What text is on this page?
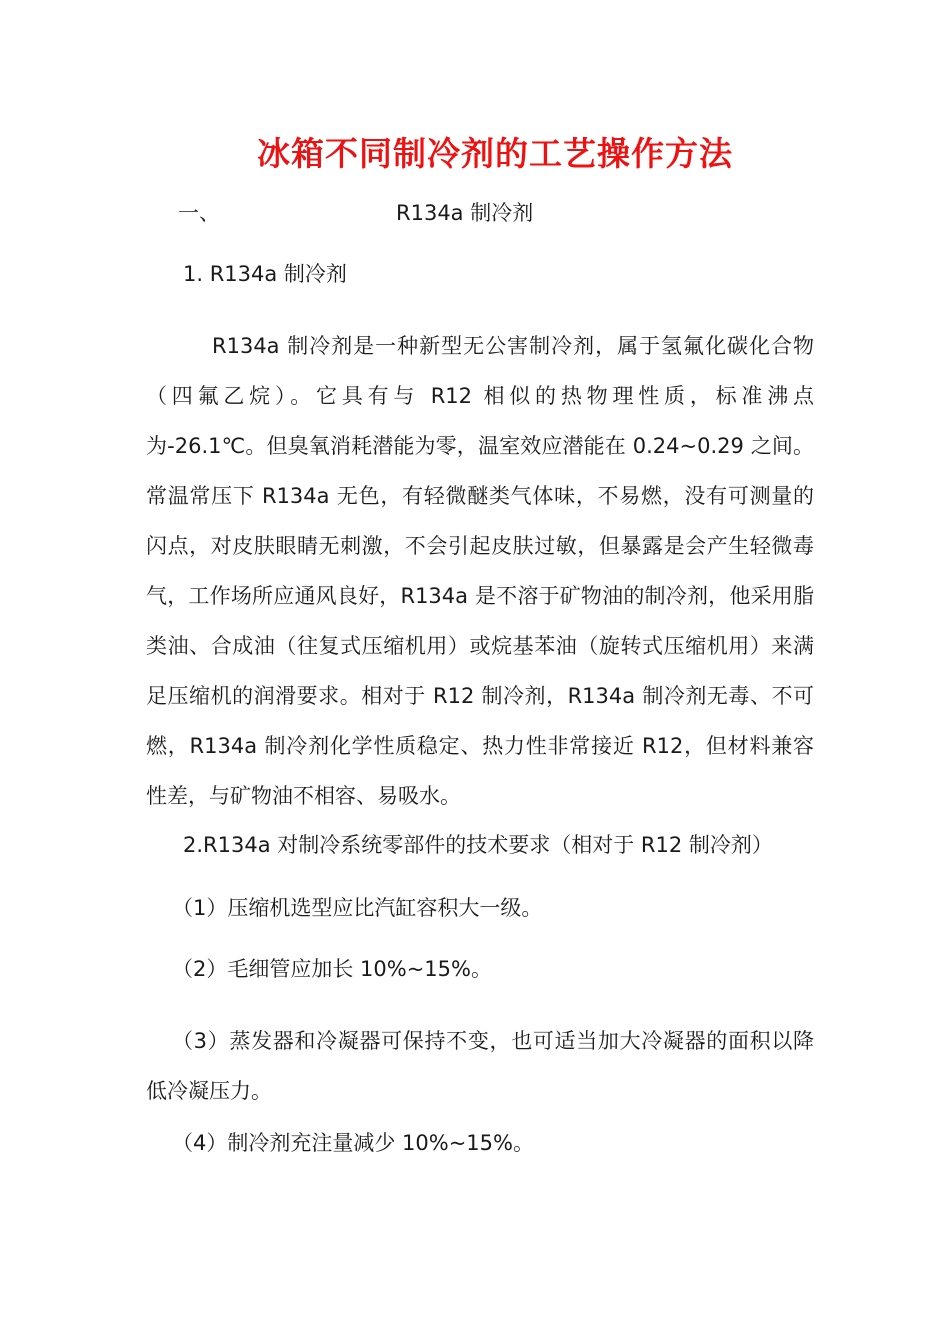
冰箱不同制冷剂的工艺操作方法
一、	R134a 制冷剂
1. R134a 制冷剂
R134a 制冷剂是一种新型无公害制冷剂，属于氢氟化碳化合物（四氟乙烷）。它具有与 R12 相似的热物理性质，标准沸点为-26.1℃。但臭氧消耗潜能为零，温室效应潜能在 0.24~0.29 之间。常温常压下 R134a 无色，有轻微醚类气体味，不易燃，没有可测量的闪点，对皮肤眼睛无刺激，不会引起皮肤过敏，但暴露是会产生轻微毒气，工作场所应通风良好，R134a 是不溶于矿物油的制冷剂，他采用脂类油、合成油（往复式压缩机用）或烷基苯油（旋转式压缩机用）来满足压缩机的润滑要求。相对于 R12 制冷剂，R134a 制冷剂无毒、不可燃，R134a 制冷剂化学性质稳定、热力性非常接近 R12，但材料兼容性差，与矿物油不相容、易吸水。
2.R134a 对制冷系统零部件的技术要求（相对于 R12 制冷剂）
（1）压缩机选型应比汽缸容积大一级。
（2）毛细管应加长 10%~15%。
（3）蒸发器和冷凝器可保持不变，也可适当加大冷凝器的面积以降低冷凝压力。
（4）制冷剂充注量减少 10%~15%。
